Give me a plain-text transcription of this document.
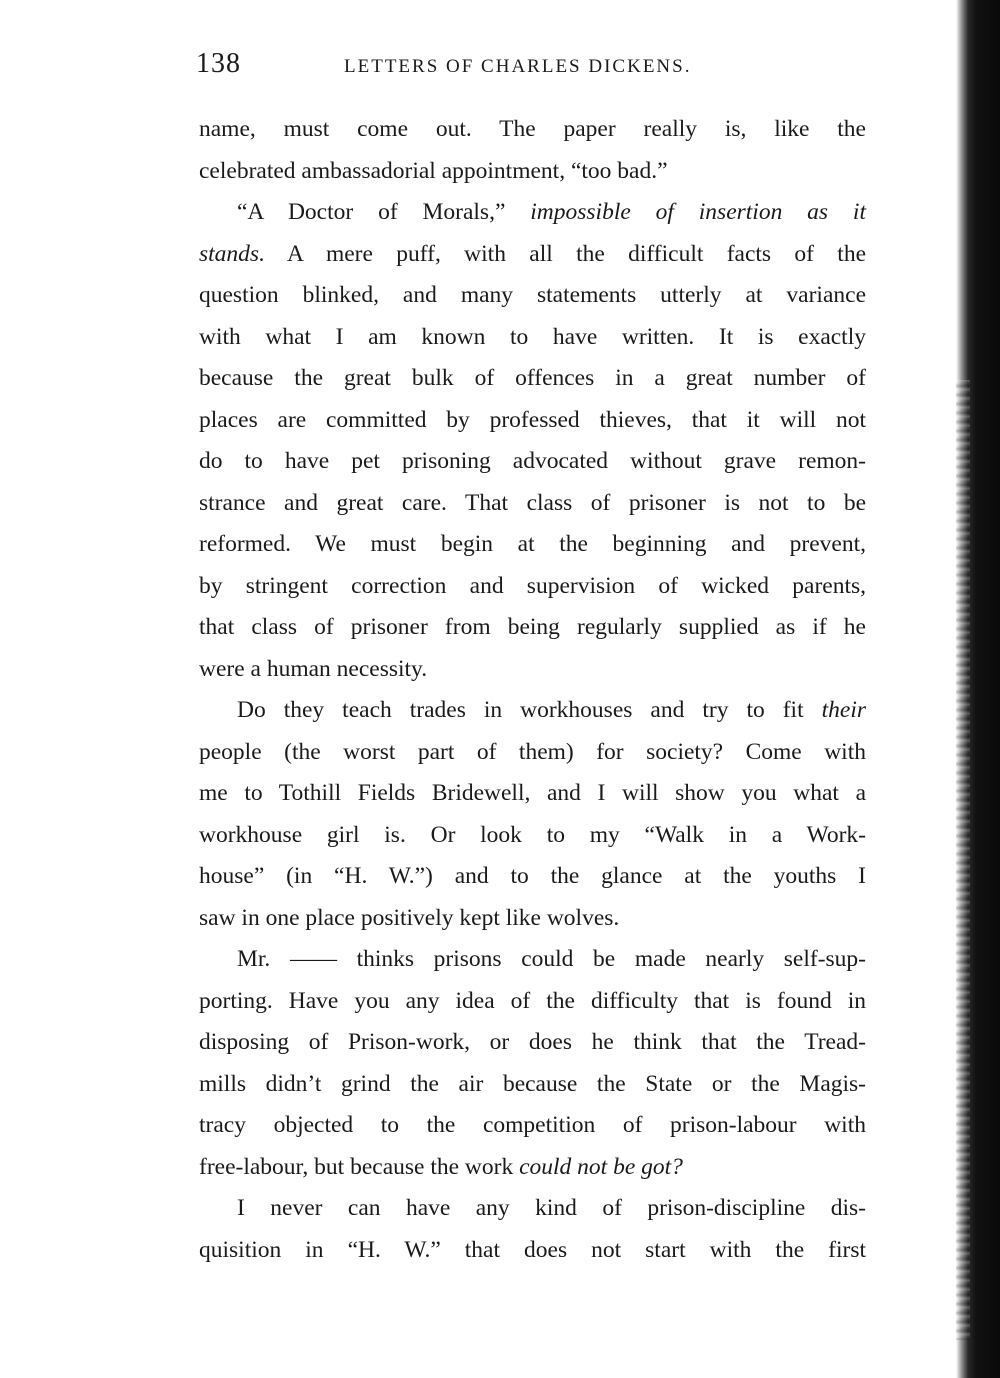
138	LETTERS OF CHARLES DICKENS.
name, must come out. The paper really is, like the
celebrated ambassadorial appointment, “too bad.”
“A Doctor of Morals,” impossible of insertion as it
stands. A mere puff, with all the difficult facts of the
question blinked, and many statements utterly at variance
with what I am known to have written. It is exactly
because the great bulk of offences in a great number of
places are committed by professed thieves, that it will not
do to have pet prisoning advocated without grave remon-
strance and great care. That class of prisoner is not to be
reformed. We must begin at the beginning and prevent,
by stringent correction and supervision of wicked parents,
that class of prisoner from being regularly supplied as if he
were a human necessity.
Do they teach trades in workhouses and try to fit their
people (the worst part of them) for society? Come with
me to Tothill Fields Bridewell, and I will show you what a
workhouse girl is. Or look to my “Walk in a Work-
house” (in “H. W.”) and to the glance at the youths I
saw in one place positively kept like wolves.
Mr. —— thinks prisons could be made nearly self-sup-
porting. Have you any idea of the difficulty that is found in
disposing of Prison-work, or does he think that the Tread-
mills didn’t grind the air because the State or the Magis-
tracy objected to the competition of prison-labour with
free-labour, but because the work could not be got?
I never can have any kind of prison-discipline dis-
quisition in “H. W.” that does not start with the first
